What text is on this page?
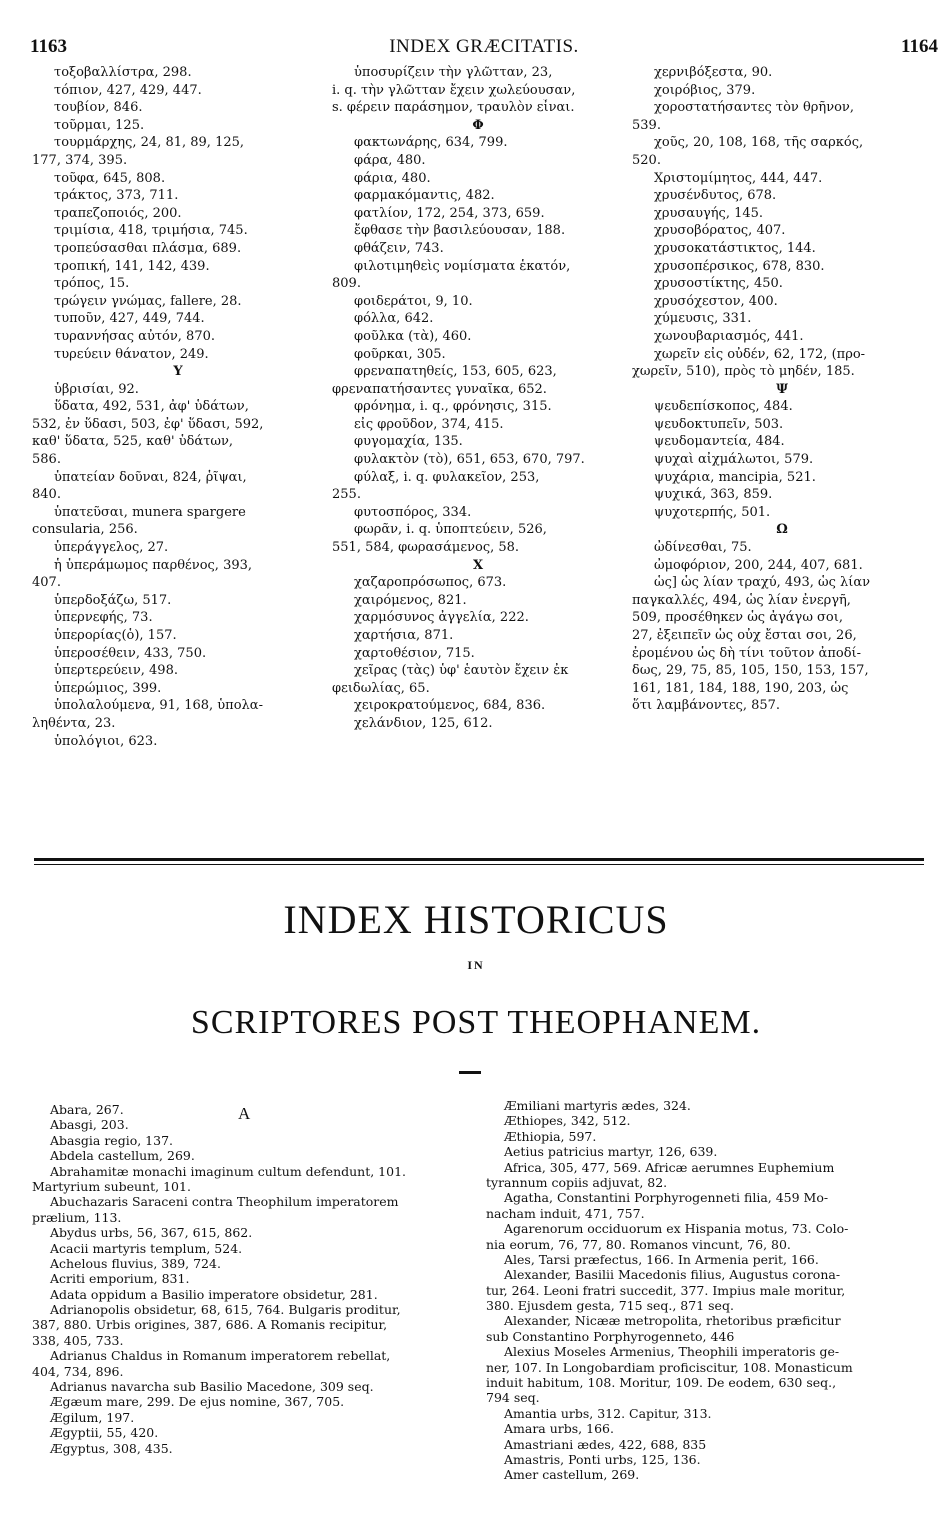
1163	INDEX GRÆCITATIS.	1164
τοξοβαλλίστρα, 298.
τόπιον, 427, 429, 447.
τουβίον, 846.
τοῦρμαι, 125.
τουρμάρχης, 24, 81, 89, 125,
177, 374, 395.
τοῦφα, 645, 808.
τράκτος, 373, 711.
τραπεζοποιός, 200.
τριμίσια, 418, τριμήσια, 745.
τροπεύσασθαι πλάσμα, 689.
τροπική, 141, 142, 439.
τρόπος, 15.
τρώγειν γνώμας, fallere, 28.
τυποῦν, 427, 449, 744.
τυραννήσας αὐτόν, 870.
τυρεύειν θάνατον, 249.
Υ
ὑβρισίαι, 92.
ὕδατα, 492, 531, ἀφ' ὑδάτων,
532, ἐν ὕδασι, 503, ἐφ' ὕδασι, 592,
καθ' ὕδατα, 525, καθ' ὑδάτων,
586.
ὑπατείαν δοῦναι, 824, ῥῖψαι,
840.
ὑπατεῦσαι, munera spargere
consularia, 256.
ὑπεράγγελος, 27.
ἡ ὑπεράμωμος παρθένος, 393,
407.
ὑπερδοξάζω, 517.
ὑπερνεφής, 73.
ὑπερορίας(ὁ), 157.
ὑπεροσέθειν, 433, 750.
ὑπερτερεύειν, 498.
ὑπερώμιος, 399.
ὑπολαλούμενα, 91, 168, ὑπολα-
ληθέντα, 23.
ὑπολόγιοι, 623.
ὑποσυρίζειν τὴν γλῶτταν, 23,
i. q. τὴν γλῶτταν ἔχειν χωλεύουσαν,
s. φέρειν παράσημον, τραυλὸν εἶναι.
Φ
φακτωνάρης, 634, 799.
φάρα, 480.
φάρια, 480.
φαρμακόμαντις, 482.
φατλίον, 172, 254, 373, 659.
ἔφθασε τὴν βασιλεύουσαν, 188.
φθάζειν, 743.
φιλοτιμηθεὶς νομίσματα ἑκατόν,
809.
φοιδεράτοι, 9, 10.
φόλλα, 642.
φοῦλκα (τὰ), 460.
φοῦρκαι, 305.
φρεναπατηθείς, 153, 605, 623,
φρεναπατήσαντες γυναῖκα, 652.
φρόνημα, i. q., φρόνησις, 315.
εἰς φροῦδον, 374, 415.
φυγομαχία, 135.
φυλακτὸν (τὸ), 651, 653, 670, 797.
φύλαξ, i. q. φυλακεῖον, 253,
255.
φυτοσπόρος, 334.
φωρᾶν, i. q. ὑποπτεύειν, 526,
551, 584, φωρασάμενος, 58.
Χ
χαζαροπρόσωπος, 673.
χαιρόμενος, 821.
χαρμόσυνος ἀγγελία, 222.
χαρτήσια, 871.
χαρτοθέσιον, 715.
χεῖρας (τὰς) ὑφ' ἑαυτὸν ἔχειν ἐκ
φειδωλίας, 65.
χειροκρατούμενος, 684, 836.
χελάνδιον, 125, 612.
χερνιβόξεστα, 90.
χοιρόβιος, 379.
χοροστατήσαντες τὸν θρῆνον,
539.
χοῦς, 20, 108, 168, τῆς σαρκός,
520.
Χριστομίμητος, 444, 447.
χρυσένδυτος, 678.
χρυσαυγής, 145.
χρυσοβόρατος, 407.
χρυσοκατάστικτος, 144.
χρυσοπέρσικος, 678, 830.
χρυσοστίκτης, 450.
χρυσόχεστον, 400.
χύμευσις, 331.
χωνουβαριασμός, 441.
χωρεῖν εἰς οὐδέν, 62, 172, (προ-
χωρεῖν, 510), πρὸς τὸ μηδέν, 185.
Ψ
ψευδεπίσκοπος, 484.
ψευδοκτυπεῖν, 503.
ψευδομαντεία, 484.
ψυχαὶ αἰχμάλωτοι, 579.
ψυχάρια, mancipia, 521.
ψυχικά, 363, 859.
ψυχοτερπής, 501.
Ω
ὠδίνεσθαι, 75.
ὠμοφόριον, 200, 244, 407, 681.
ὡς] ὡς λίαν τραχύ, 493, ὡς λίαν
παγκαλλές, 494, ὡς λίαν ἐνεργῆ,
509, προσέθηκεν ὡς ἀγάγω σοι,
27, ἐξειπεῖν ὡς οὐχ ἔσται σοι, 26,
ἐρομένου ὡς δὴ τίνι τοῦτον ἀποδί-
δως, 29, 75, 85, 105, 150, 153, 157,
161, 181, 184, 188, 190, 203, ὡς
ὅτι λαμβάνοντες, 857.
INDEX HISTORICUS
IN
SCRIPTORES POST THEOPHANEM.
A
Abara, 267.
Abasgi, 203.
Abasgia regio, 137.
Abdela castellum, 269.
Abrahamitæ monachi imaginum cultum defendunt, 101.
Martyrium subeunt, 101.
Abuchazaris Saraceni contra Theophilum imperatorem
prælium, 113.
Abydus urbs, 56, 367, 615, 862.
Acacii martyris templum, 524.
Achelous fluvius, 389, 724.
Acriti emporium, 831.
Adata oppidum a Basilio imperatore obsidetur, 281.
Adrianopolis obsidetur, 68, 615, 764. Bulgaris proditur,
387, 880. Urbis origines, 387, 686. A Romanis recipitur,
338, 405, 733.
Adrianus Chaldus in Romanum imperatorem rebellat,
404, 734, 896.
Adrianus navarcha sub Basilio Macedone, 309 seq.
Ægæum mare, 299. De ejus nomine, 367, 705.
Ægilum, 197.
Ægyptii, 55, 420.
Ægyptus, 308, 435.
Æmiliani martyris ædes, 324.
Æthiopes, 342, 512.
Æthiopia, 597.
Aetius patricius martyr, 126, 639.
Africa, 305, 477, 569. Africæ aerumnes Euphemium
tyrannum copiis adjuvat, 82.
Agatha, Constantini Porphyrogenneti filia, 459 Mo-
nacham induit, 471, 757.
Agarenorum occiduorum ex Hispania motus, 73. Colo-
nia eorum, 76, 77, 80. Romanos vincunt, 76, 80.
Ales, Tarsi præfectus, 166. In Armenia perit, 166.
Alexander, Basilii Macedonis filius, Augustus corona-
tur, 264. Leoni fratri succedit, 377. Impius male moritur,
380. Ejusdem gesta, 715 seq., 871 seq.
Alexander, Nicææ metropolita, rhetoribus præficitur
sub Constantino Porphyrogenneto, 446
Alexius Moseles Armenius, Theophili imperatoris ge-
ner, 107. In Longobardiam proficiscitur, 108. Monasticum
induit habitum, 108. Moritur, 109. De eodem, 630 seq.,
794 seq.
Amantia urbs, 312. Capitur, 313.
Amara urbs, 166.
Amastriani ædes, 422, 688, 835
Amastris, Ponti urbs, 125, 136.
Amer castellum, 269.
